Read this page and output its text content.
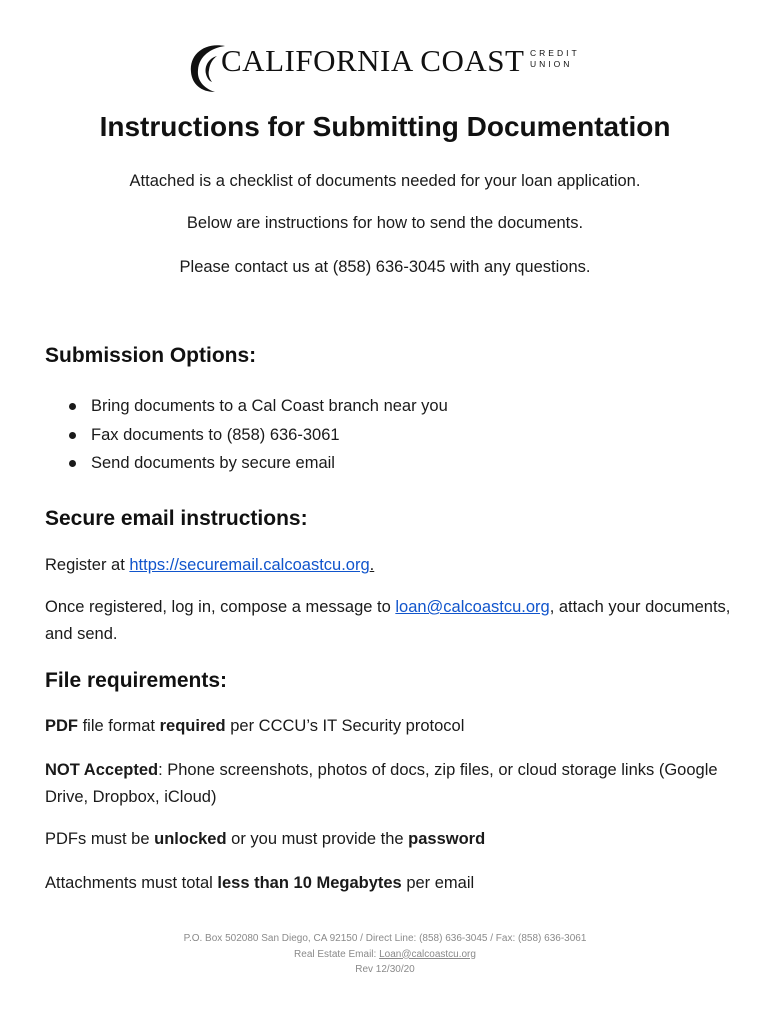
CALIFORNIA COAST CREDIT
UNION
Instructions for Submitting Documentation

Attached is a checklist of documents needed for your loan application.

Below are instructions for how to send the documents.

Please contact us at (858) 636-3045 with any questions.

Submission Options:
Bring documents to a Cal Coast branch near you
Fax documents to (858) 636-3061
Send documents by secure email
Secure email instructions:

Register at https://securemail.calcoastcu.org.

Once registered, log in, compose a message to loan@calcoastcu.org, attach your documents, and send.

File requirements:

PDF file format required per CCCU’s IT Security protocol

NOT Accepted: Phone screenshots, photos of docs, zip files, or cloud storage links (Google Drive, Dropbox, iCloud)

PDFs must be unlocked or you must provide the password

Attachments must total less than 10 Megabytes per email

P.O. Box 502080 San Diego, CA 92150 / Direct Line: (858) 636-3045 / Fax: (858) 636-3061
Real Estate Email: Loan@calcoastcu.org
Rev 12/30/20
